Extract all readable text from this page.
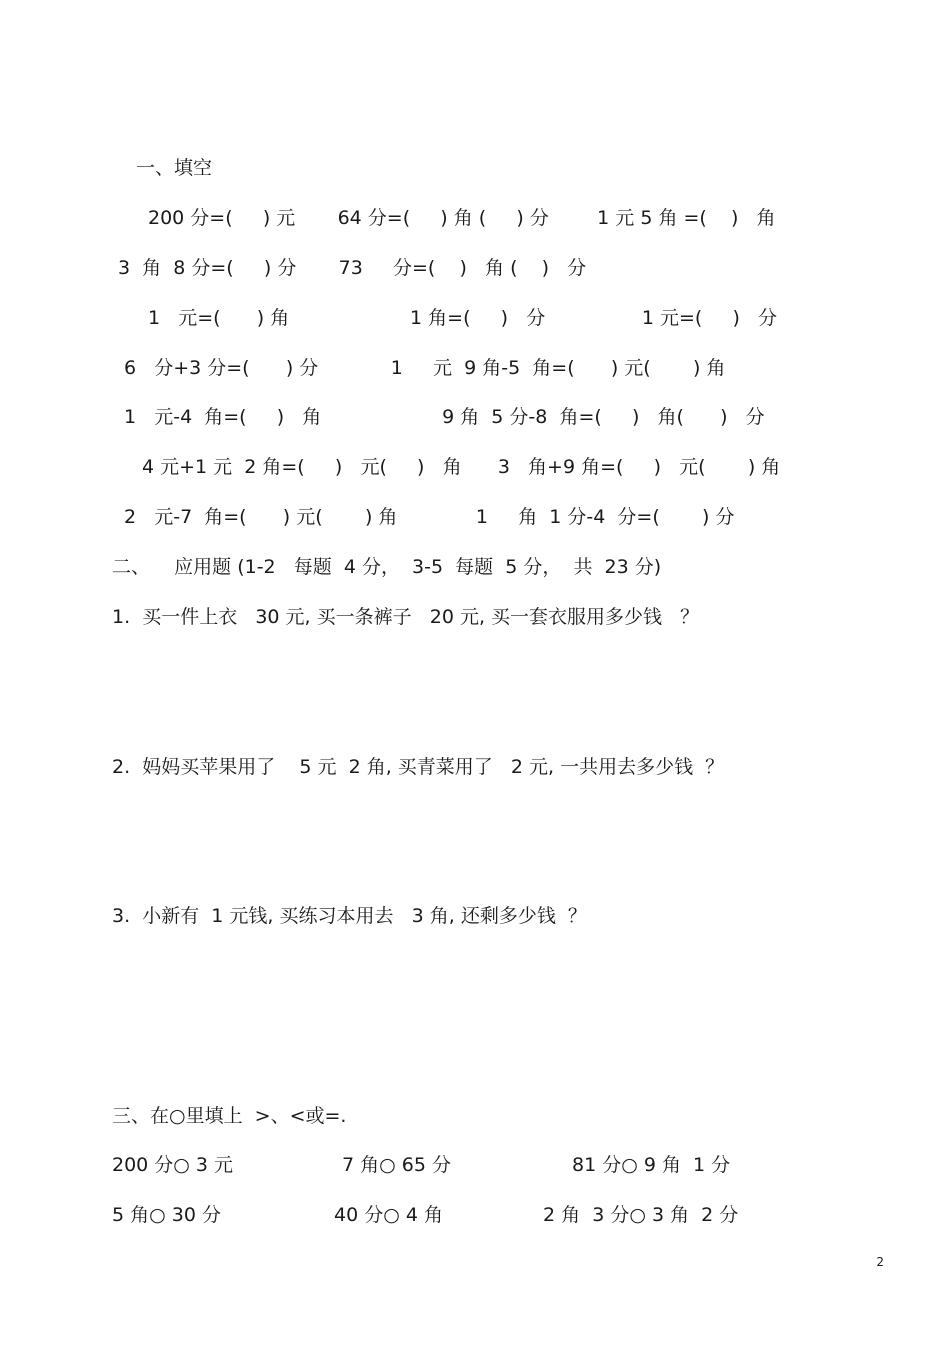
一、填空
200 分=(     ) 元       64 分=(     ) 角 (     ) 分        1 元 5 角 =(    )   角
3  角  8 分=(     ) 分       73     分=(    )   角 (    )   分
1   元=(      ) 角                    1 角=(     )   分                1 元=(     )   分
6   分+3 分=(      ) 分            1     元  9 角-5  角=(      ) 元(       ) 角
1   元-4  角=(     )   角                    9 角  5 分-8  角=(     )   角(      )   分
4 元+1 元  2 角=(     )   元(     )   角      3   角+9 角=(     )   元(       ) 角
2   元-7  角=(      ) 元(       ) 角             1     角  1 分-4  分=(       ) 分
二、    应用题 (1-2   每题  4 分，  3-5  每题  5 分，  共  23 分)
1.  买一件上衣   30 元, 买一条裤子   20 元, 买一套衣服用多少钱   ？
2.  妈妈买苹果用了    5 元  2 角, 买青菜用了   2 元, 一共用去多少钱  ？
3.  小新有  1 元钱, 买练习本用去   3 角, 还剩多少钱  ？
三、在○里填上  >、<或=.
200 分○ 3 元	7 角○ 65 分	81 分○ 9 角  1 分
5 角○ 30 分	40 分○ 4 角	2 角  3 分○ 3 角  2 分
2
